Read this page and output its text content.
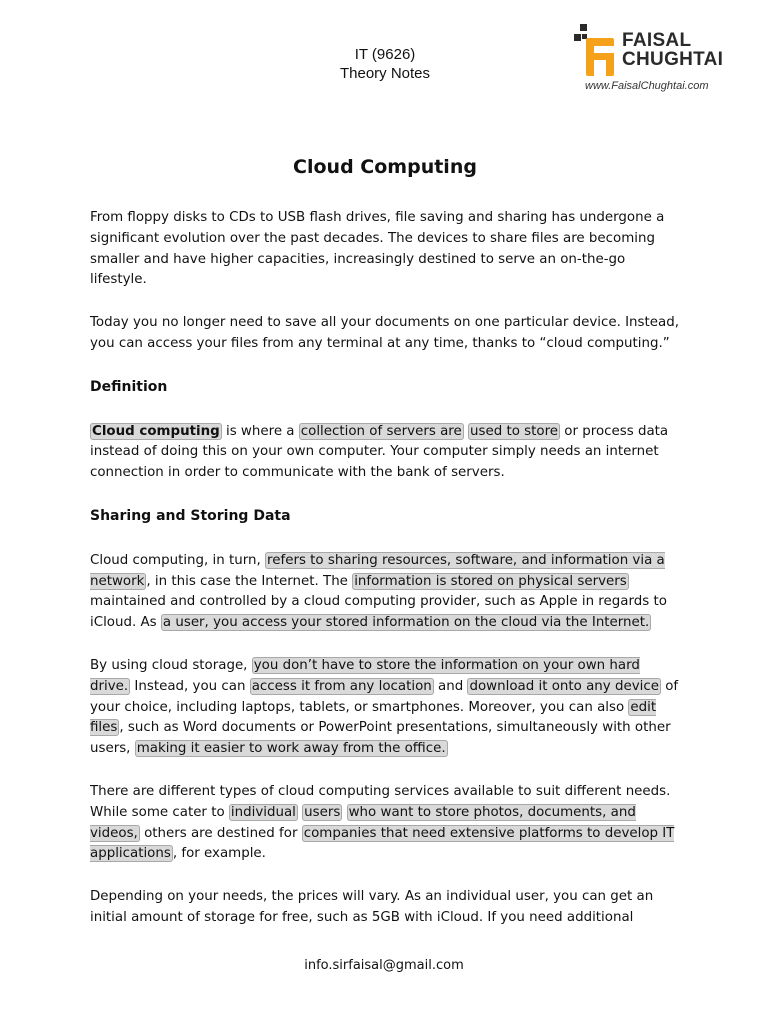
IT (9626)
Theory Notes
FAISAL
CHUGHTAI
www.FaisalChughtai.com
Cloud Computing

From floppy disks to CDs to USB flash drives, file saving and sharing has undergone a significant evolution over the past decades. The devices to share files are becoming smaller and have higher capacities, increasingly destined to serve an on-the-go lifestyle.

Today you no longer need to save all your documents on one particular device. Instead, you can access your files from any terminal at any time, thanks to “cloud computing.”

Definition

Cloud computing is where a collection of servers are used to store or process data instead of doing this on your own computer. Your computer simply needs an internet connection in order to communicate with the bank of servers.

Sharing and Storing Data

Cloud computing, in turn, refers to sharing resources, software, and information via a network , in this case the Internet. The information is stored on physical servers maintained and controlled by a cloud computing provider, such as Apple in regards to iCloud. As a user, you access your stored information on the cloud via the Internet.

By using cloud storage, you don’t have to store the information on your own hard drive. Instead, you can access it from any location and download it onto any device of your choice, including laptops, tablets, or smartphones. Moreover, you can also edit files , such as Word documents or PowerPoint presentations, simultaneously with other users, making it easier to work away from the office.

There are different types of cloud computing services available to suit different needs. While some cater to individual users who want to store photos, documents, and videos, others are destined for companies that need extensive platforms to develop IT applications , for example.

Depending on your needs, the prices will vary. As an individual user, you can get an initial amount of storage for free, such as 5GB with iCloud. If you need additional

info.sirfaisal@gmail.com
